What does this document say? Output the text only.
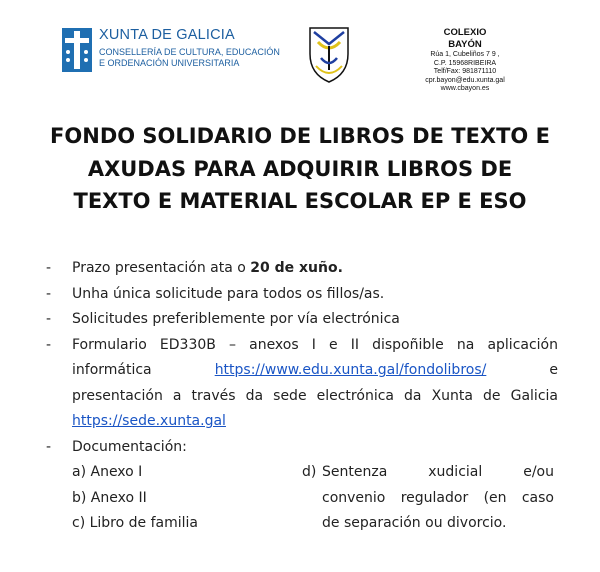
XUNTA DE GALICIA
CONSELLERÍA DE CULTURA, EDUCACIÓN
E ORDENACIÓN UNIVERSITARIA
COLEXIO
BAYÓN
Rúa 1, Cubeliños 7 9 ,
C.P. 15968RIBEIRA
Telf/Fax: 981871110
cpr.bayon@edu.xunta.gal
www.cbayon.es
FONDO SOLIDARIO DE LIBROS DE TEXTO E
AXUDAS PARA ADQUIRIR LIBROS DE
TEXTO E MATERIAL ESCOLAR EP E ESO
- Prazo presentación ata o 20 de xuño.
- Unha única solicitude para todos os fillos/as.
- Solicitudes preferiblemente por vía electrónica
- Formulario ED330B – anexos I e II dispoñible na aplicación
informática	https://www.edu.xunta.gal/fondolibros/	e
presentación a través da sede electrónica da Xunta de Galicia
https://sede.xunta.gal
- Documentación:
a) Anexo I
b) Anexo II
c) Libro de familia
d) Sentenza xudicial e/ou
convenio regulador (en caso
de separación ou divorcio.
